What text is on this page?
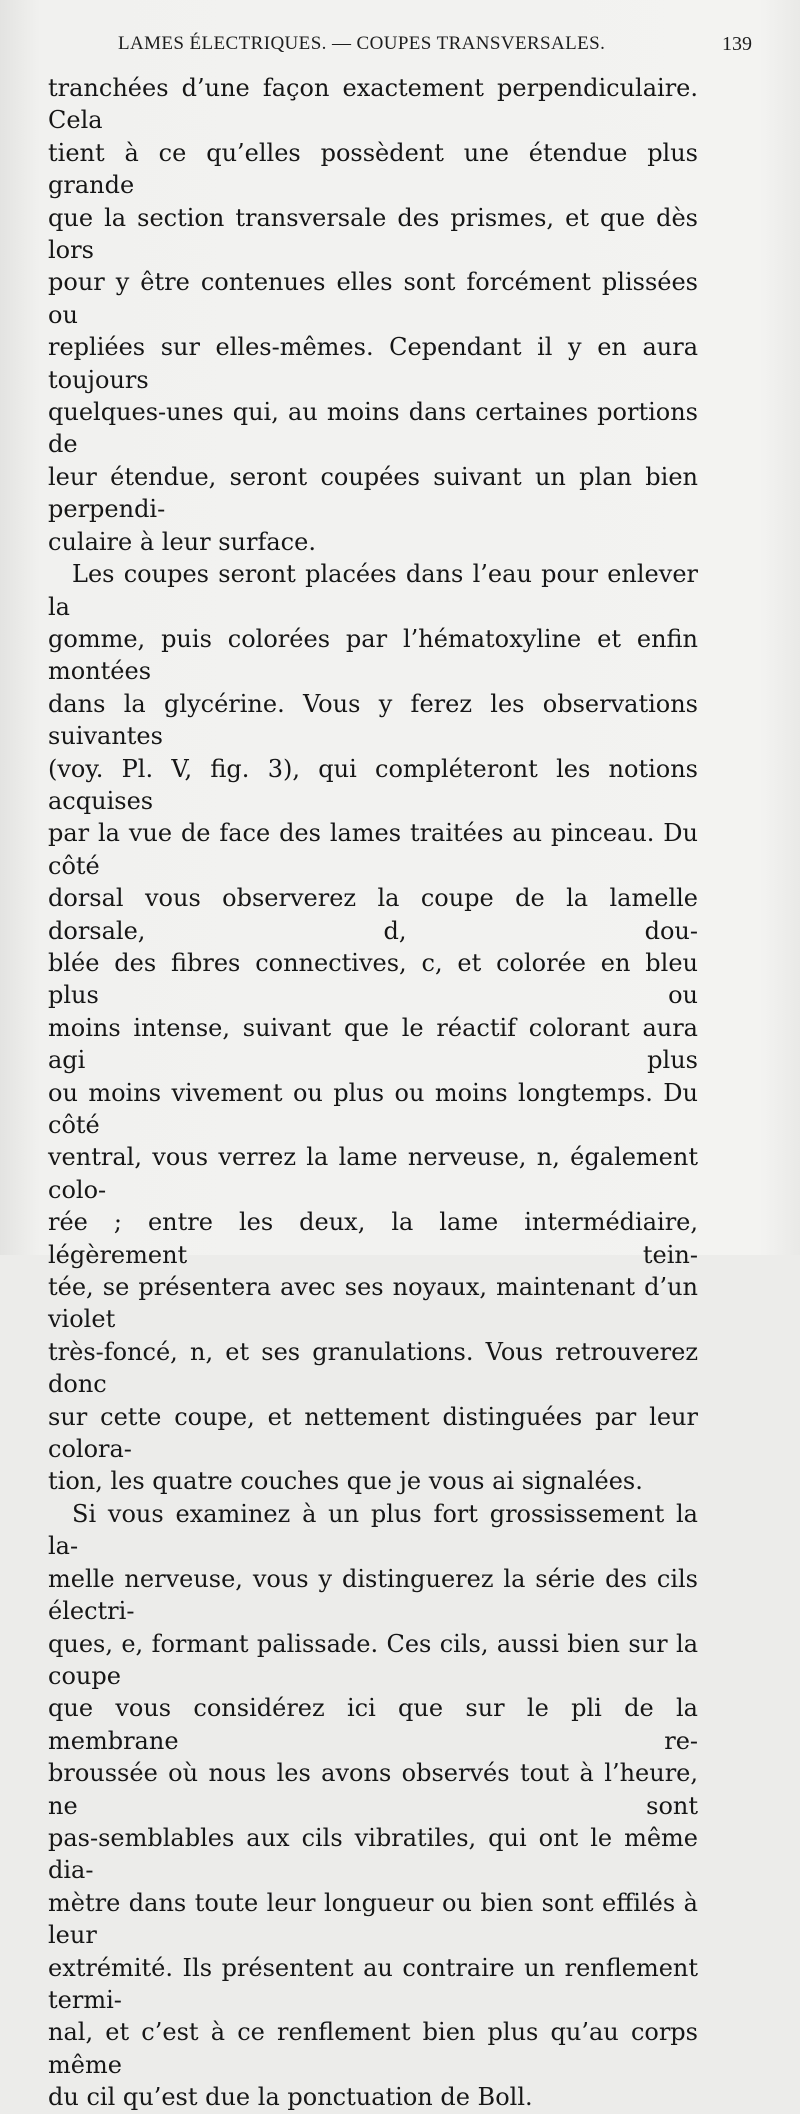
LAMES ÉLECTRIQUES. — COUPES TRANSVERSALES.	139

tranchées d’une façon exactement perpendiculaire. Cela
tient à ce qu’elles possèdent une étendue plus grande
que la section transversale des prismes, et que dès lors
pour y être contenues elles sont forcément plissées ou
repliées sur elles-mêmes. Cependant il y en aura toujours
quelques-unes qui, au moins dans certaines portions de
leur étendue, seront coupées suivant un plan bien perpendi-
culaire à leur surface.

Les coupes seront placées dans l’eau pour enlever la
gomme, puis colorées par l’hématoxyline et enfin montées
dans la glycérine. Vous y ferez les observations suivantes
(voy. Pl. V, fig. 3), qui compléteront les notions acquises
par la vue de face des lames traitées au pinceau. Du côté
dorsal vous observerez la coupe de la lamelle dorsale, d, dou-
blée des fibres connectives, c, et colorée en bleu plus ou
moins intense, suivant que le réactif colorant aura agi plus
ou moins vivement ou plus ou moins longtemps. Du côté
ventral, vous verrez la lame nerveuse, n, également colo-
rée ; entre les deux, la lame intermédiaire, légèrement tein-
tée, se présentera avec ses noyaux, maintenant d’un violet
très-foncé, n, et ses granulations. Vous retrouverez donc
sur cette coupe, et nettement distinguées par leur colora-
tion, les quatre couches que je vous ai signalées.

Si vous examinez à un plus fort grossissement la la-
melle nerveuse, vous y distinguerez la série des cils électri-
ques, e, formant palissade. Ces cils, aussi bien sur la coupe
que vous considérez ici que sur le pli de la membrane re-
broussée où nous les avons observés tout à l’heure, ne sont
pas-semblables aux cils vibratiles, qui ont le même dia-
mètre dans toute leur longueur ou bien sont effilés à leur
extrémité. Ils présentent au contraire un renflement termi-
nal, et c’est à ce renflement bien plus qu’au corps même
du cil qu’est due la ponctuation de Boll.
